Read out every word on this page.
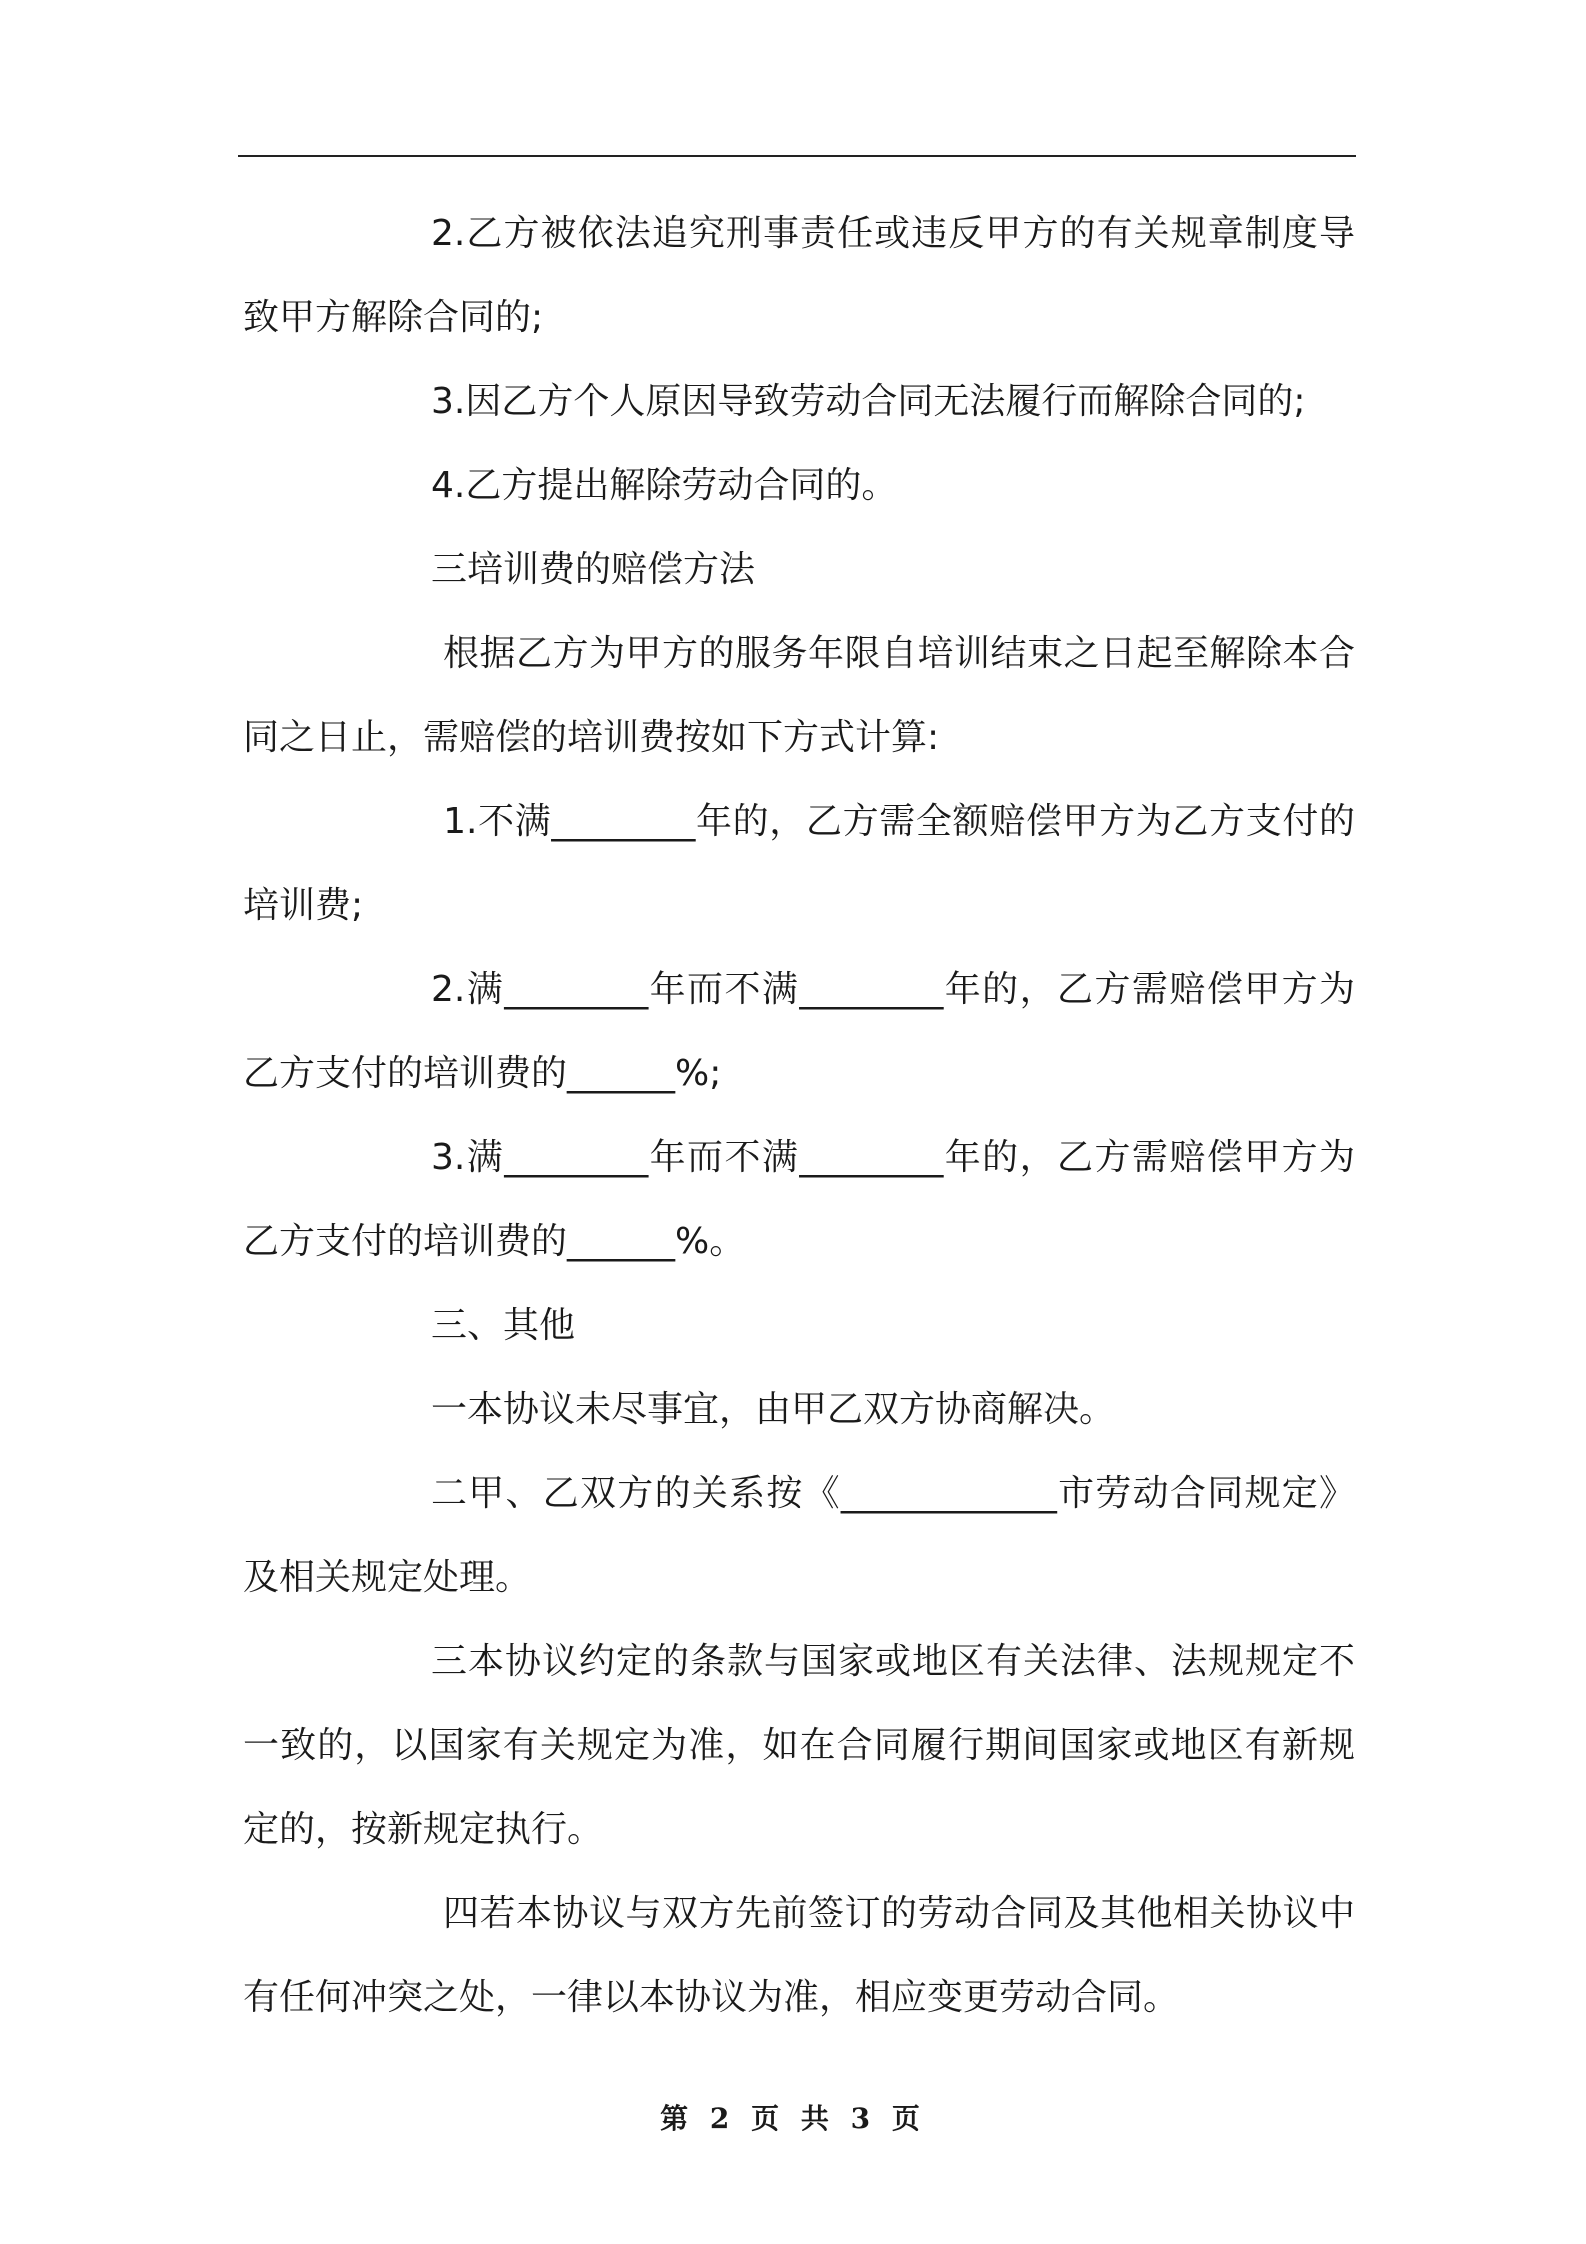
2.乙方被依法追究刑事责任或违反甲方的有关规章制度导致甲方解除合同的;

3.因乙方个人原因导致劳动合同无法履行而解除合同的;

4.乙方提出解除劳动合同的。

三培训费的赔偿方法

根据乙方为甲方的服务年限自培训结束之日起至解除本合同之日止，需赔偿的培训费按如下方式计算:

1.不满________年的，乙方需全额赔偿甲方为乙方支付的培训费;

2.满________年而不满________年的，乙方需赔偿甲方为乙方支付的培训费的______%;

3.满________年而不满________年的，乙方需赔偿甲方为乙方支付的培训费的______%。

三、其他

一本协议未尽事宜，由甲乙双方协商解决。

二甲、乙双方的关系按《____________市劳动合同规定》及相关规定处理。

三本协议约定的条款与国家或地区有关法律、法规规定不一致的，以国家有关规定为准，如在合同履行期间国家或地区有新规定的，按新规定执行。

四若本协议与双方先前签订的劳动合同及其他相关协议中有任何冲突之处，一律以本协议为准，相应变更劳动合同。

第 2 页 共 3 页
